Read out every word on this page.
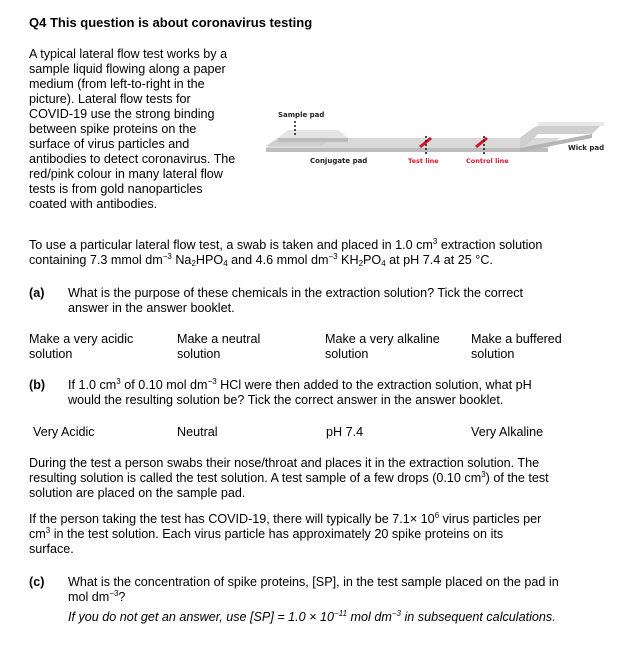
Q4 This question is about coronavirus testing
A typical lateral flow test works by a
sample liquid flowing along a paper
medium (from left-to-right in the
picture). Lateral flow tests for
COVID-19 use the strong binding
between spike proteins on the
surface of virus particles and
antibodies to detect coronavirus. The
red/pink colour in many lateral flow
tests is from gold nanoparticles
coated with antibodies.
Sample pad
Conjugate pad	Test line	Control line
Wick pad
To use a particular lateral flow test, a swab is taken and placed in 1.0 $cm^3$ extraction solution
containing 7.3 mmol $dm^{-3}$ $Na_2HPO_4$ and 4.6 mmol $dm^{-3}$ $KH_2PO_4$ at pH 7.4 at 25 °C.
(a) What is the purpose of these chemicals in the extraction solution? Tick the correct
answer in the answer booklet.
Make a very acidic
solution
Make a neutral
solution
Make a very alkaline
solution
Make a buffered
solution
(b) If 1.0 $cm^3$ of 0.10 mol $dm^{-3}$ HCl were then added to the extraction solution, what pH
would the resulting solution be? Tick the correct answer in the answer booklet.
Very Acidic	Neutral	pH 7.4	Very Alkaline
During the test a person swabs their nose/throat and places it in the extraction solution. The
resulting solution is called the test solution. A test sample of a few drops (0.10 $cm^3$) of the test
solution are placed on the sample pad.
If the person taking the test has COVID-19, there will typically be $7.1\times 10^6$ virus particles per
$cm^3$ in the test solution. Each virus particle has approximately 20 spike proteins on its
surface.
(c) What is the concentration of spike proteins, [SP], in the test sample placed on the pad in
mol $dm^{-3}$?
If you do not get an answer, use $[SP] = 1.0 \times 10^{-11}$ mol $dm^{-3}$ in subsequent calculations.
